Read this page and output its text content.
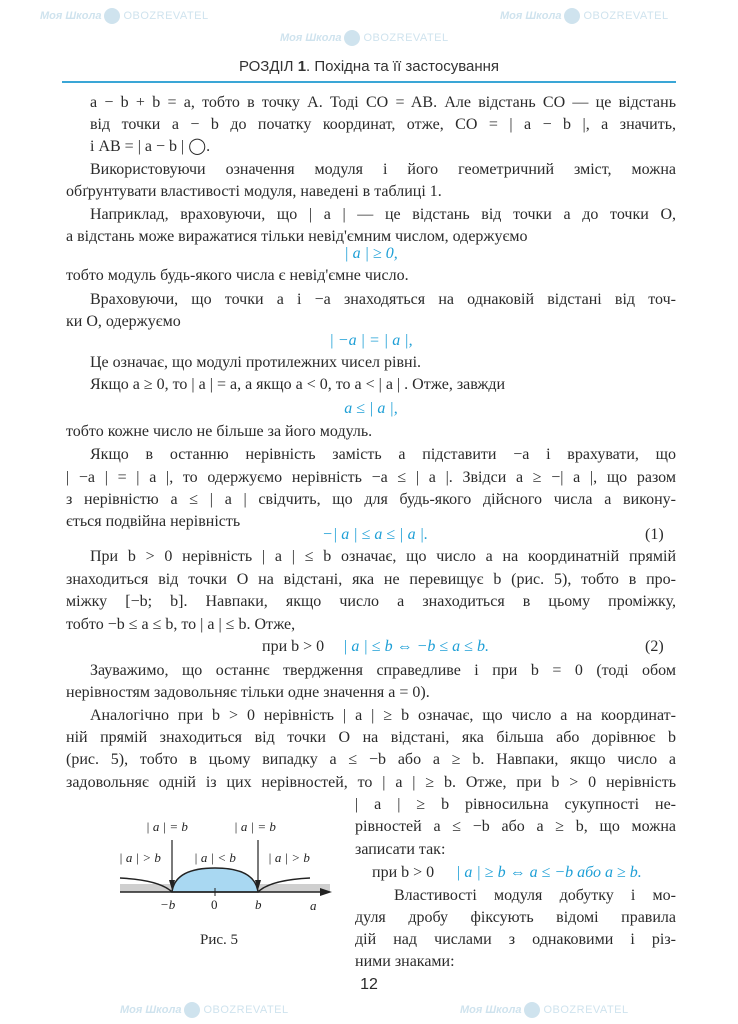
Моя Школа OBOZREVATEL
Моя Школа OBOZREVATEL
Моя Школа OBOZREVATEL
Моя Школа OBOZREVATEL	Моя Школа OBOZREVATEL
РОЗДІЛ 1. Похідна та її застосування
a − b + b = a, тобто в точку A. Тоді CO = AB. Але відстань CO — це відстань
від точки a − b до початку координат, отже, CO = | a − b |, а значить,
і AB = | a − b | ◯.
Використовуючи означення модуля і його геометричний зміст, можна
обґрунтувати властивості модуля, наведені в таблиці 1.
Наприклад, враховуючи, що | a | — це відстань від точки a до точки O,
а відстань може виражатися тільки невід'ємним числом, одержуємо
| a | ≥ 0,
тобто модуль будь-якого числа є невід'ємне число.
Враховуючи, що точки a і −a знаходяться на однаковій відстані від точ-
ки O, одержуємо
| −a | = | a |,
Це означає, що модулі протилежних чисел рівні.
Якщо a ≥ 0, то | a | = a, а якщо a < 0, то a < | a | . Отже, завжди
a ≤ | a |,
тобто кожне число не більше за його модуль.
Якщо в останню нерівність замість a підставити −a і врахувати, що
| −a | = | a |, то одержуємо нерівність −a ≤ | a |. Звідси a ≥ −| a |, що разом
з нерівністю a ≤ | a | свідчить, що для будь-якого дійсного числа a викону-
ється подвійна нерівність
−| a | ≤ a ≤ | a |.	(1)
При b > 0 нерівність | a | ≤ b означає, що число a на координатній прямій
знаходиться від точки O на відстані, яка не перевищує b (рис. 5), тобто в про-
міжку [−b; b]. Навпаки, якщо число a знаходиться в цьому проміжку,
тобто −b ≤ a ≤ b, то | a | ≤ b. Отже,
при b > 0	| a | ≤ b ⇔ −b ≤ a ≤ b.	(2)
Зауважимо, що останнє твердження справедливе і при b = 0 (тоді обом
нерівностям задовольняє тільки одне значення a = 0).
Аналогічно при b > 0 нерівність | a | ≥ b означає, що число a на координат-
ній прямій знаходиться від точки O на відстані, яка більша або дорівнює b
(рис. 5), тобто в цьому випадку a ≤ −b або a ≥ b. Навпаки, якщо число a
задовольняє одній із цих нерівностей, то | a | ≥ b. Отже, при b > 0 нерівність
| a | ≥ b рівносильна сукупності не-
рівностей a ≤ −b або a ≥ b, що можна
записати так:
при b > 0	| a | ≥ b ⇔ a ≤ −b або a ≥ b.
Властивості модуля добутку і мо-
дуля дробу фіксують відомі правила
дій над числами з однаковими і різ-
ними знаками:
| a | = b	| a | = b
| a | > b	| a | < b | a | > b
−b	0	b	a
Рис. 5
12
